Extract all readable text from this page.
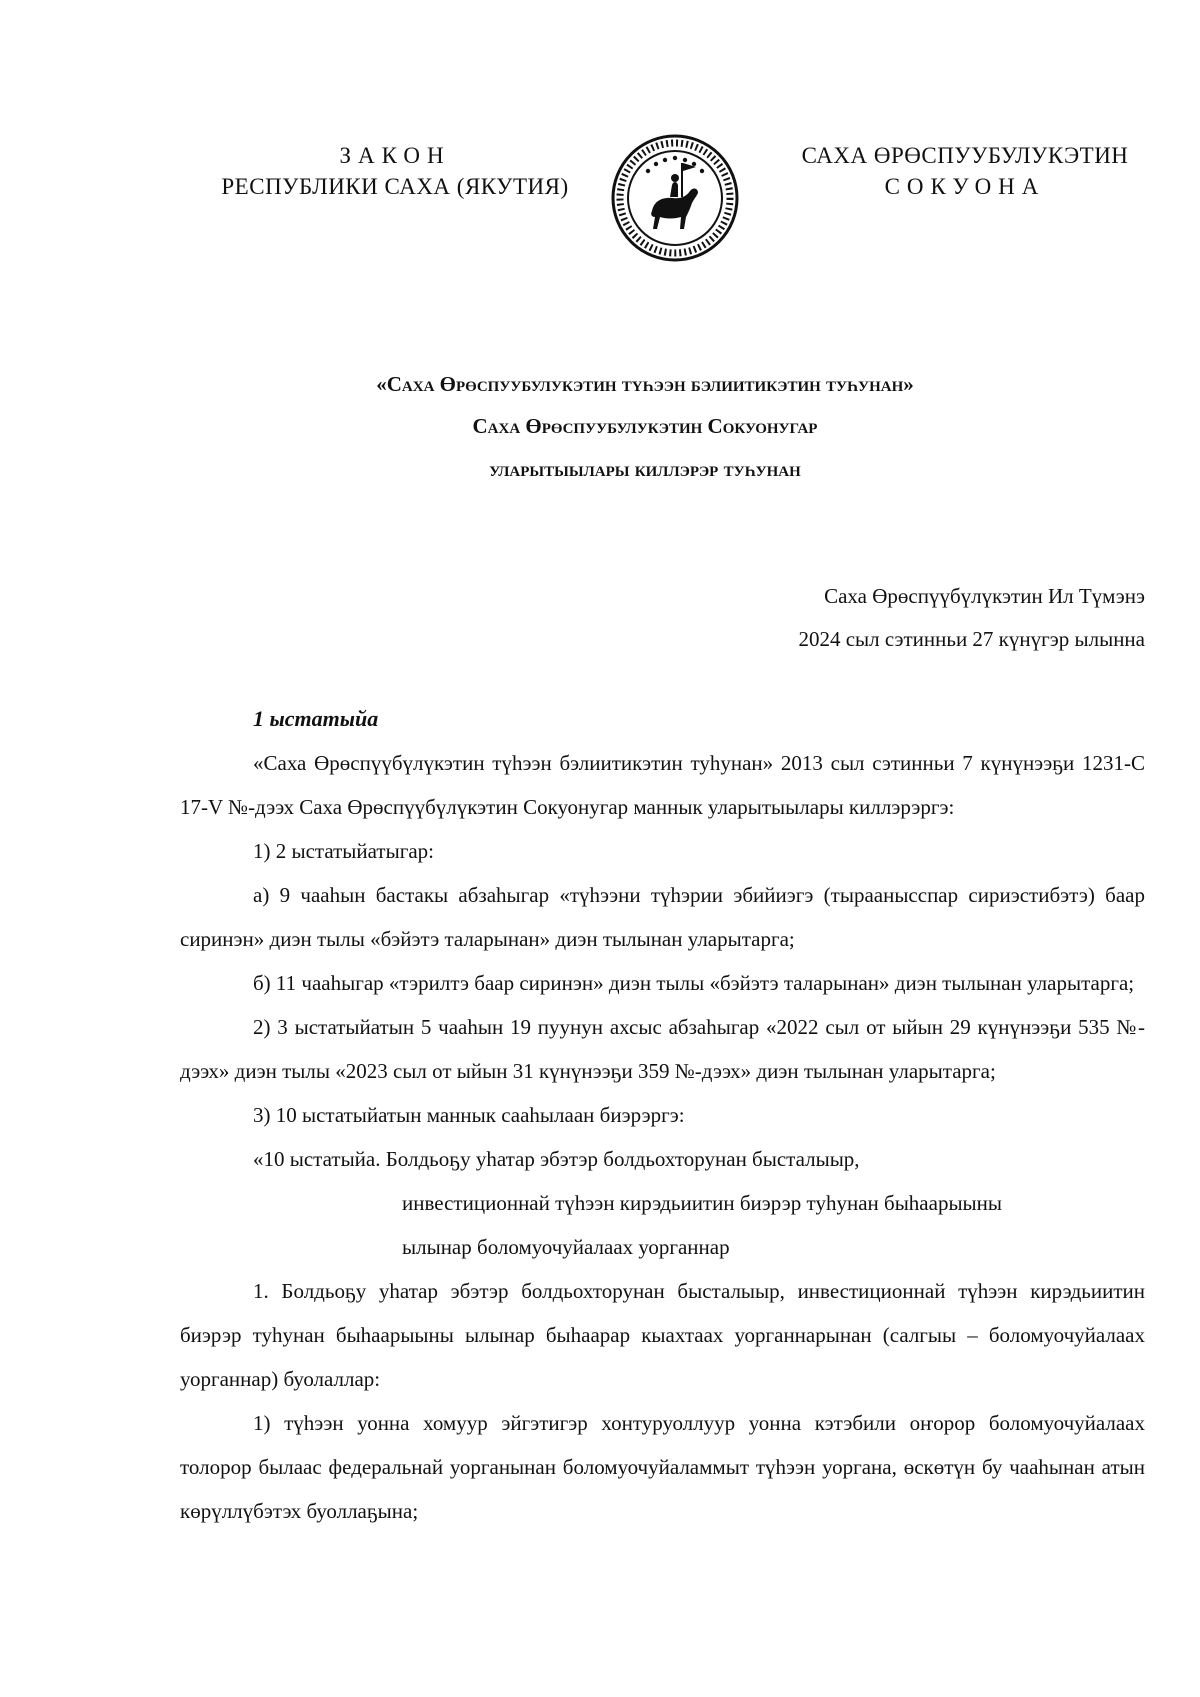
ЗАКОН
РЕСПУБЛИКИ САХА (ЯКУТИЯ)
САХА ӨРӨСПУУБУЛУКЭТИН
СОКУОНА
«Саха Өрөспуубулукэтин түһээн бэлиитикэтин туһунан»
Саха Өрөспуубулукэтин Сокуонугар
уларытыылары киллэрэр туһунан
Саха Өрөспүүбүлүкэтин Ил Түмэнэ
2024 сыл сэтинньи 27 күнүгэр ылынна
1 ыстатыйа

«Саха Өрөспүүбүлүкэтин түһээн бэлиитикэтин туһунан» 2013 сыл сэтинньи 7 күнүнээҕи 1231-С 17-V №-дээх Саха Өрөспүүбүлүкэтин Сокуонугар маннык уларытыылары киллэрэргэ:

1) 2 ыстатыйатыгар:

а) 9 чааһын бастакы абзаһыгар «түһээни түһэрии эбийиэгэ (тыраанысспар сириэстибэтэ) баар сиринэн» диэн тылы «бэйэтэ таларынан» диэн тылынан уларытарга;

б) 11 чааһыгар «тэрилтэ баар сиринэн» диэн тылы «бэйэтэ таларынан» диэн тылынан уларытарга;

2) 3 ыстатыйатын 5 чааһын 19 пуунун ахсыс абзаһыгар «2022 сыл от ыйын 29 күнүнээҕи 535 №-дээх» диэн тылы «2023 сыл от ыйын 31 күнүнээҕи 359 №-дээх» диэн тылынан уларытарга;

3) 10 ыстатыйатын маннык сааһылаан биэрэргэ:

«10 ыстатыйа. Болдьоҕу уһатар эбэтэр болдьохторунан бысталыыр,

инвестиционнай түһээн кирэдьиитин биэрэр туһунан быһаарыыны

ылынар боломуочуйалаах уорганнар

1. Болдьоҕу уһатар эбэтэр болдьохторунан бысталыыр, инвестиционнай түһээн кирэдьиитин биэрэр туһунан быһаарыыны ылынар быһаарар кыахтаах уорганнарынан (салгыы – боломуочуйалаах уорганнар) буолаллар:

1) түһээн уонна хомуур эйгэтигэр хонтуруоллуур уонна кэтэбили оҥорор боломуочуйалаах толорор былаас федеральнай уорганынан боломуочуйаламмыт түһээн уоргана, өскөтүн бу чааһынан атын көрүллүбэтэх буоллаҕына;
